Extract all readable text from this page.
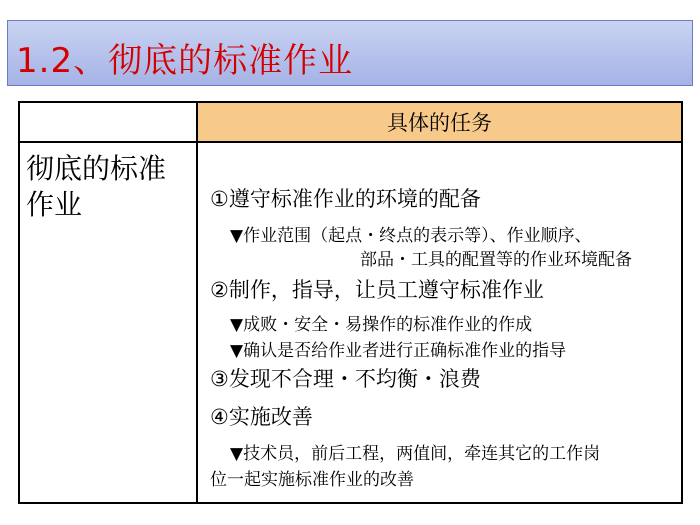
1.2、彻底的标准作业
具体的任务
彻底的标准作业	①遵守标准作业的环境的配备
▼作业范围（起点・终点的表示等）、作业顺序、
部品・工具的配置等的作业环境配备
②制作，指导，让员工遵守标准作业
▼成败・安全・易操作的标准作业的作成
▼确认是否给作业者进行正确标准作业的指导
③发现不合理・不均衡・浪费
④实施改善
▼技术员，前后工程，两值间，牵连其它的工作岗
位一起实施标准作业的改善
